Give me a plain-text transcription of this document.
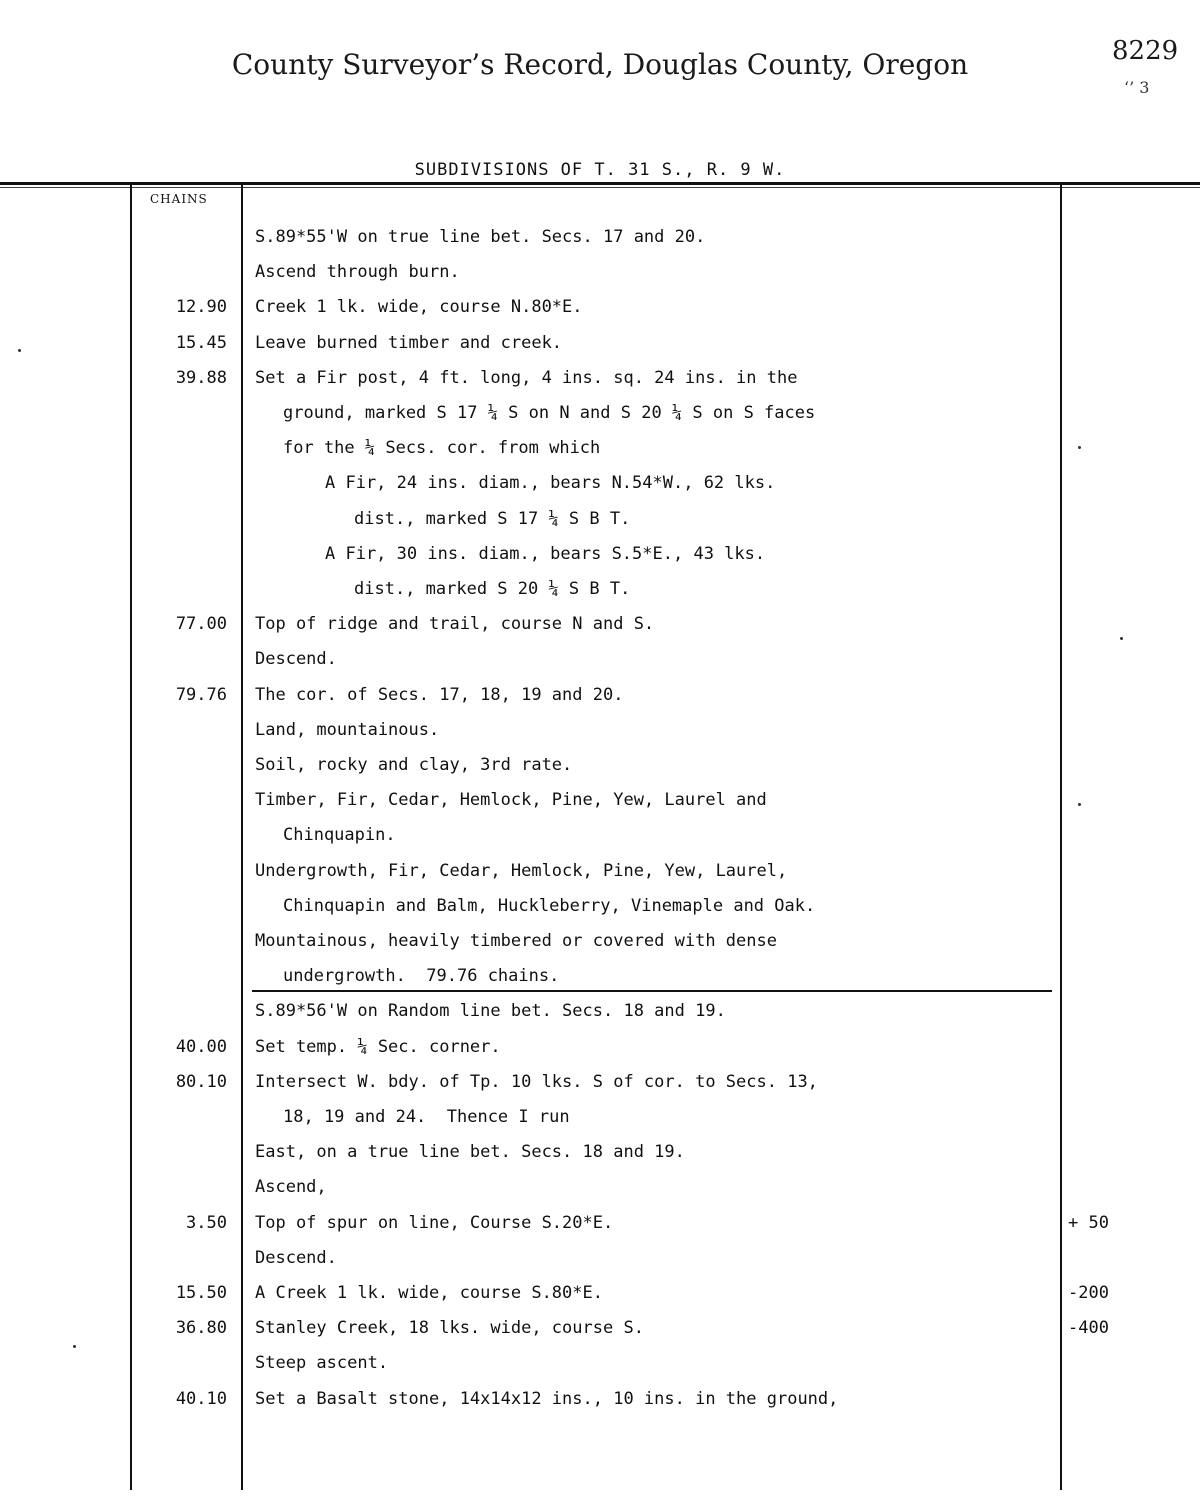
County Surveyor’s Record, Douglas County, Oregon	8229
‘’ 3
SUBDIVISIONS OF T. 31 S., R. 9 W.
CHAINS
S.89*55'W on true line bet. Secs. 17 and 20.
Ascend through burn.
12.90 Creek 1 lk. wide, course N.80*E.
15.45 Leave burned timber and creek.
39.88 Set a Fir post, 4 ft. long, 4 ins. sq. 24 ins. in the
ground, marked S 17 ¼ S on N and S 20 ¼ S on S faces
for the ¼ Secs. cor. from which
A Fir, 24 ins. diam., bears N.54*W., 62 lks.
dist., marked S 17 ¼ S B T.
A Fir, 30 ins. diam., bears S.5*E., 43 lks.
dist., marked S 20 ¼ S B T.
77.00 Top of ridge and trail, course N and S.
Descend.
79.76 The cor. of Secs. 17, 18, 19 and 20.
Land, mountainous.
Soil, rocky and clay, 3rd rate.
Timber, Fir, Cedar, Hemlock, Pine, Yew, Laurel and
Chinquapin.
Undergrowth, Fir, Cedar, Hemlock, Pine, Yew, Laurel,
Chinquapin and Balm, Huckleberry, Vinemaple and Oak.
Mountainous, heavily timbered or covered with dense
undergrowth.  79.76 chains.
S.89*56'W on Random line bet. Secs. 18 and 19.
40.00 Set temp. ¼ Sec. corner.
80.10 Intersect W. bdy. of Tp. 10 lks. S of cor. to Secs. 13,
18, 19 and 24.  Thence I run
East, on a true line bet. Secs. 18 and 19.
Ascend,
3.50 Top of spur on line, Course S.20*E.	+ 50
Descend.
15.50 A Creek 1 lk. wide, course S.80*E.	-200
36.80 Stanley Creek, 18 lks. wide, course S.	-400
Steep ascent.
40.10 Set a Basalt stone, 14x14x12 ins., 10 ins. in the ground,
